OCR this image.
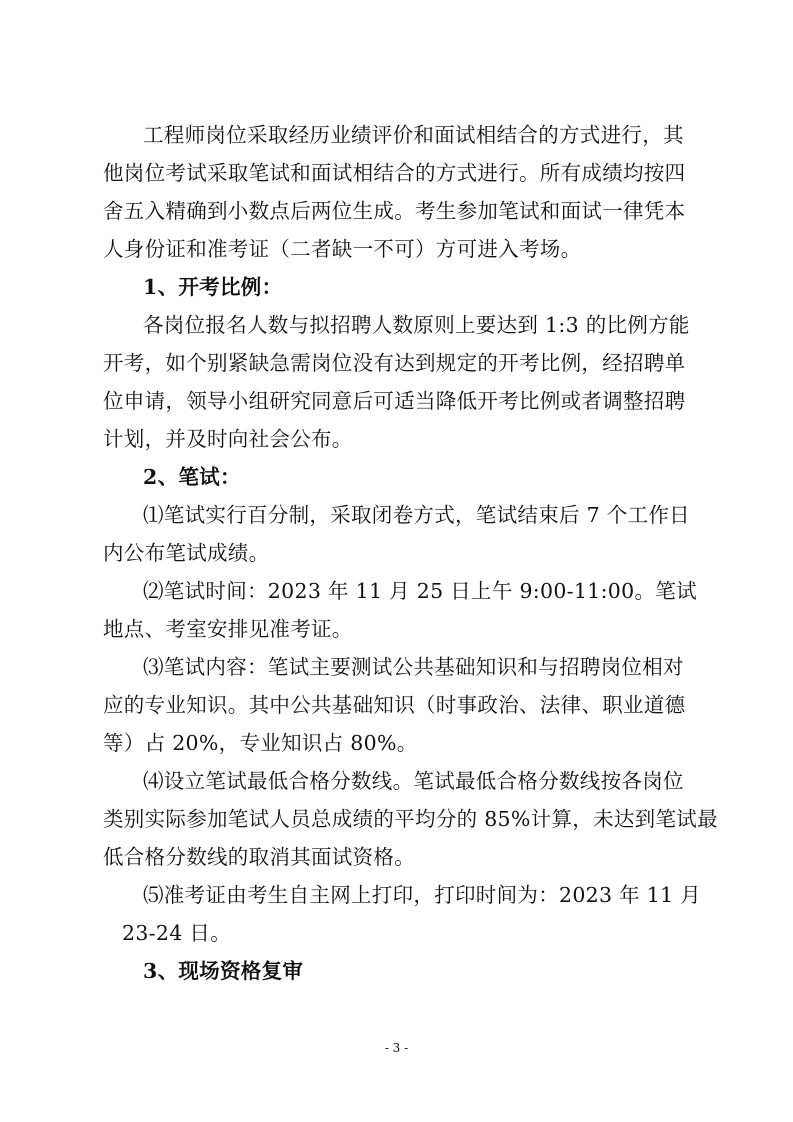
工程师岗位采取经历业绩评价和面试相结合的方式进行，其
他岗位考试采取笔试和面试相结合的方式进行。所有成绩均按四
舍五入精确到小数点后两位生成。考生参加笔试和面试一律凭本
人身份证和准考证（二者缺一不可）方可进入考场。
1、开考比例：
各岗位报名人数与拟招聘人数原则上要达到 1:3 的比例方能
开考，如个别紧缺急需岗位没有达到规定的开考比例，经招聘单
位申请，领导小组研究同意后可适当降低开考比例或者调整招聘
计划，并及时向社会公布。
2、笔试：
⑴笔试实行百分制，采取闭卷方式，笔试结束后 7 个工作日
内公布笔试成绩。
⑵笔试时间：2023 年 11 月 25 日上午 9:00-11:00。笔试
地点、考室安排见准考证。
⑶笔试内容：笔试主要测试公共基础知识和与招聘岗位相对
应的专业知识。其中公共基础知识（时事政治、法律、职业道德
等）占 20%，专业知识占 80%。
⑷设立笔试最低合格分数线。笔试最低合格分数线按各岗位
类别实际参加笔试人员总成绩的平均分的 85%计算，未达到笔试最
低合格分数线的取消其面试资格。
⑸准考证由考生自主网上打印，打印时间为：2023 年 11 月
23-24 日。
3、现场资格复审
- 3 -
